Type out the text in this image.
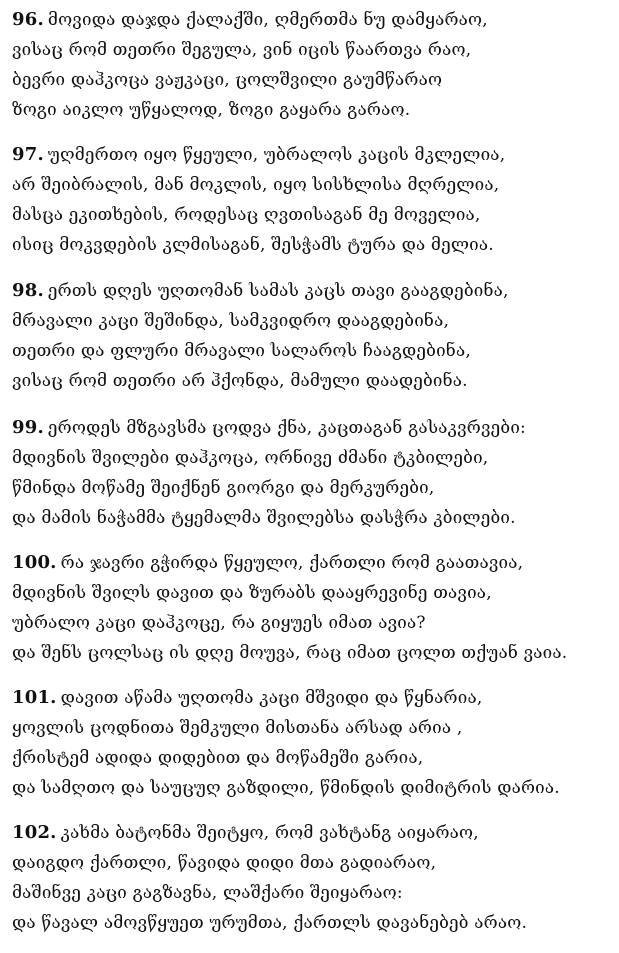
96. მოვიდა დაჯდა ქალაქში, ღმერთმა ნუ დამყარაო,
ვისაც რომ თეთრი შეგულა, ვინ იცის წაართვა რაო,
ბევრი დაჰკოცა ვაჟკაცი, ცოლშვილი გაუმწარაო
ზოგი აიკლო უწყალოდ, ზოგი გაყარა გარაო.
97. უღმერთო იყო წყეული, უბრალოს კაცის მკლელია,
არ შეიბრალის, მან მოკლის, იყო სისხლისა მღრელია,
მასცა ეკითხების, როდესაც ღვთისაგან მე მოველია,
ისიც მოკვდების კლმისაგან, შესჭამს ტურა და მელია.
98. ერთს დღეს უღთომან სამას კაცს თავი გააგდებინა,
მრავალი კაცი შეშინდა, სამკვიდრო დააგდებინა,
თეთრი და ფლური მრავალი სალაროს ჩააგდებინა,
ვისაც რომ თეთრი არ ჰქონდა, მამული დაადებინა.
99. ეროდეს მზგავსმა ცოდვა ქნა, კაცთაგან გასაკვრვები:
მდივნის შვილები დაჰკოცა, ორნივე ძმანი ტკბილები,
წმინდა მოწამე შეიქნენ გიორგი და მერკურები,
და მამის ნაჭამმა ტყემალმა შვილებსა დასჭრა კბილები.
100. რა ჯავრი გჭირდა წყეულო, ქართლი რომ გაათავია,
მდივნის შვილს დავით და ზურაბს დააყრევინე თავია,
უბრალო კაცი დაჰკოცე, რა გიყუეს იმათ ავია?
და შენს ცოლსაც ის დღე მოუვა, რაც იმათ ცოლთ თქუან ვაია.
101. დავით აწამა უღთომა კაცი მშვიდი და წყნარია,
ყოვლის ცოდნითა შემკული მისთანა არსად არია ,
ქრისტემ ადიდა დიდებით და მოწამეში გარია,
და სამღთო და საუცუღ გაზდილი, წმინდის დიმიტრის დარია.
102. კახმა ბატონმა შეიტყო, რომ ვახტანგ აიყარაო,
დაიგდო ქართლი, წავიდა დიდი მთა გადიარაო,
მაშინვე კაცი გაგზავნა, ლაშქარი შეიყარაო:
და წავალ ამოვწყუეთ ურუმთა, ქართლს დავანებებ არაო.
